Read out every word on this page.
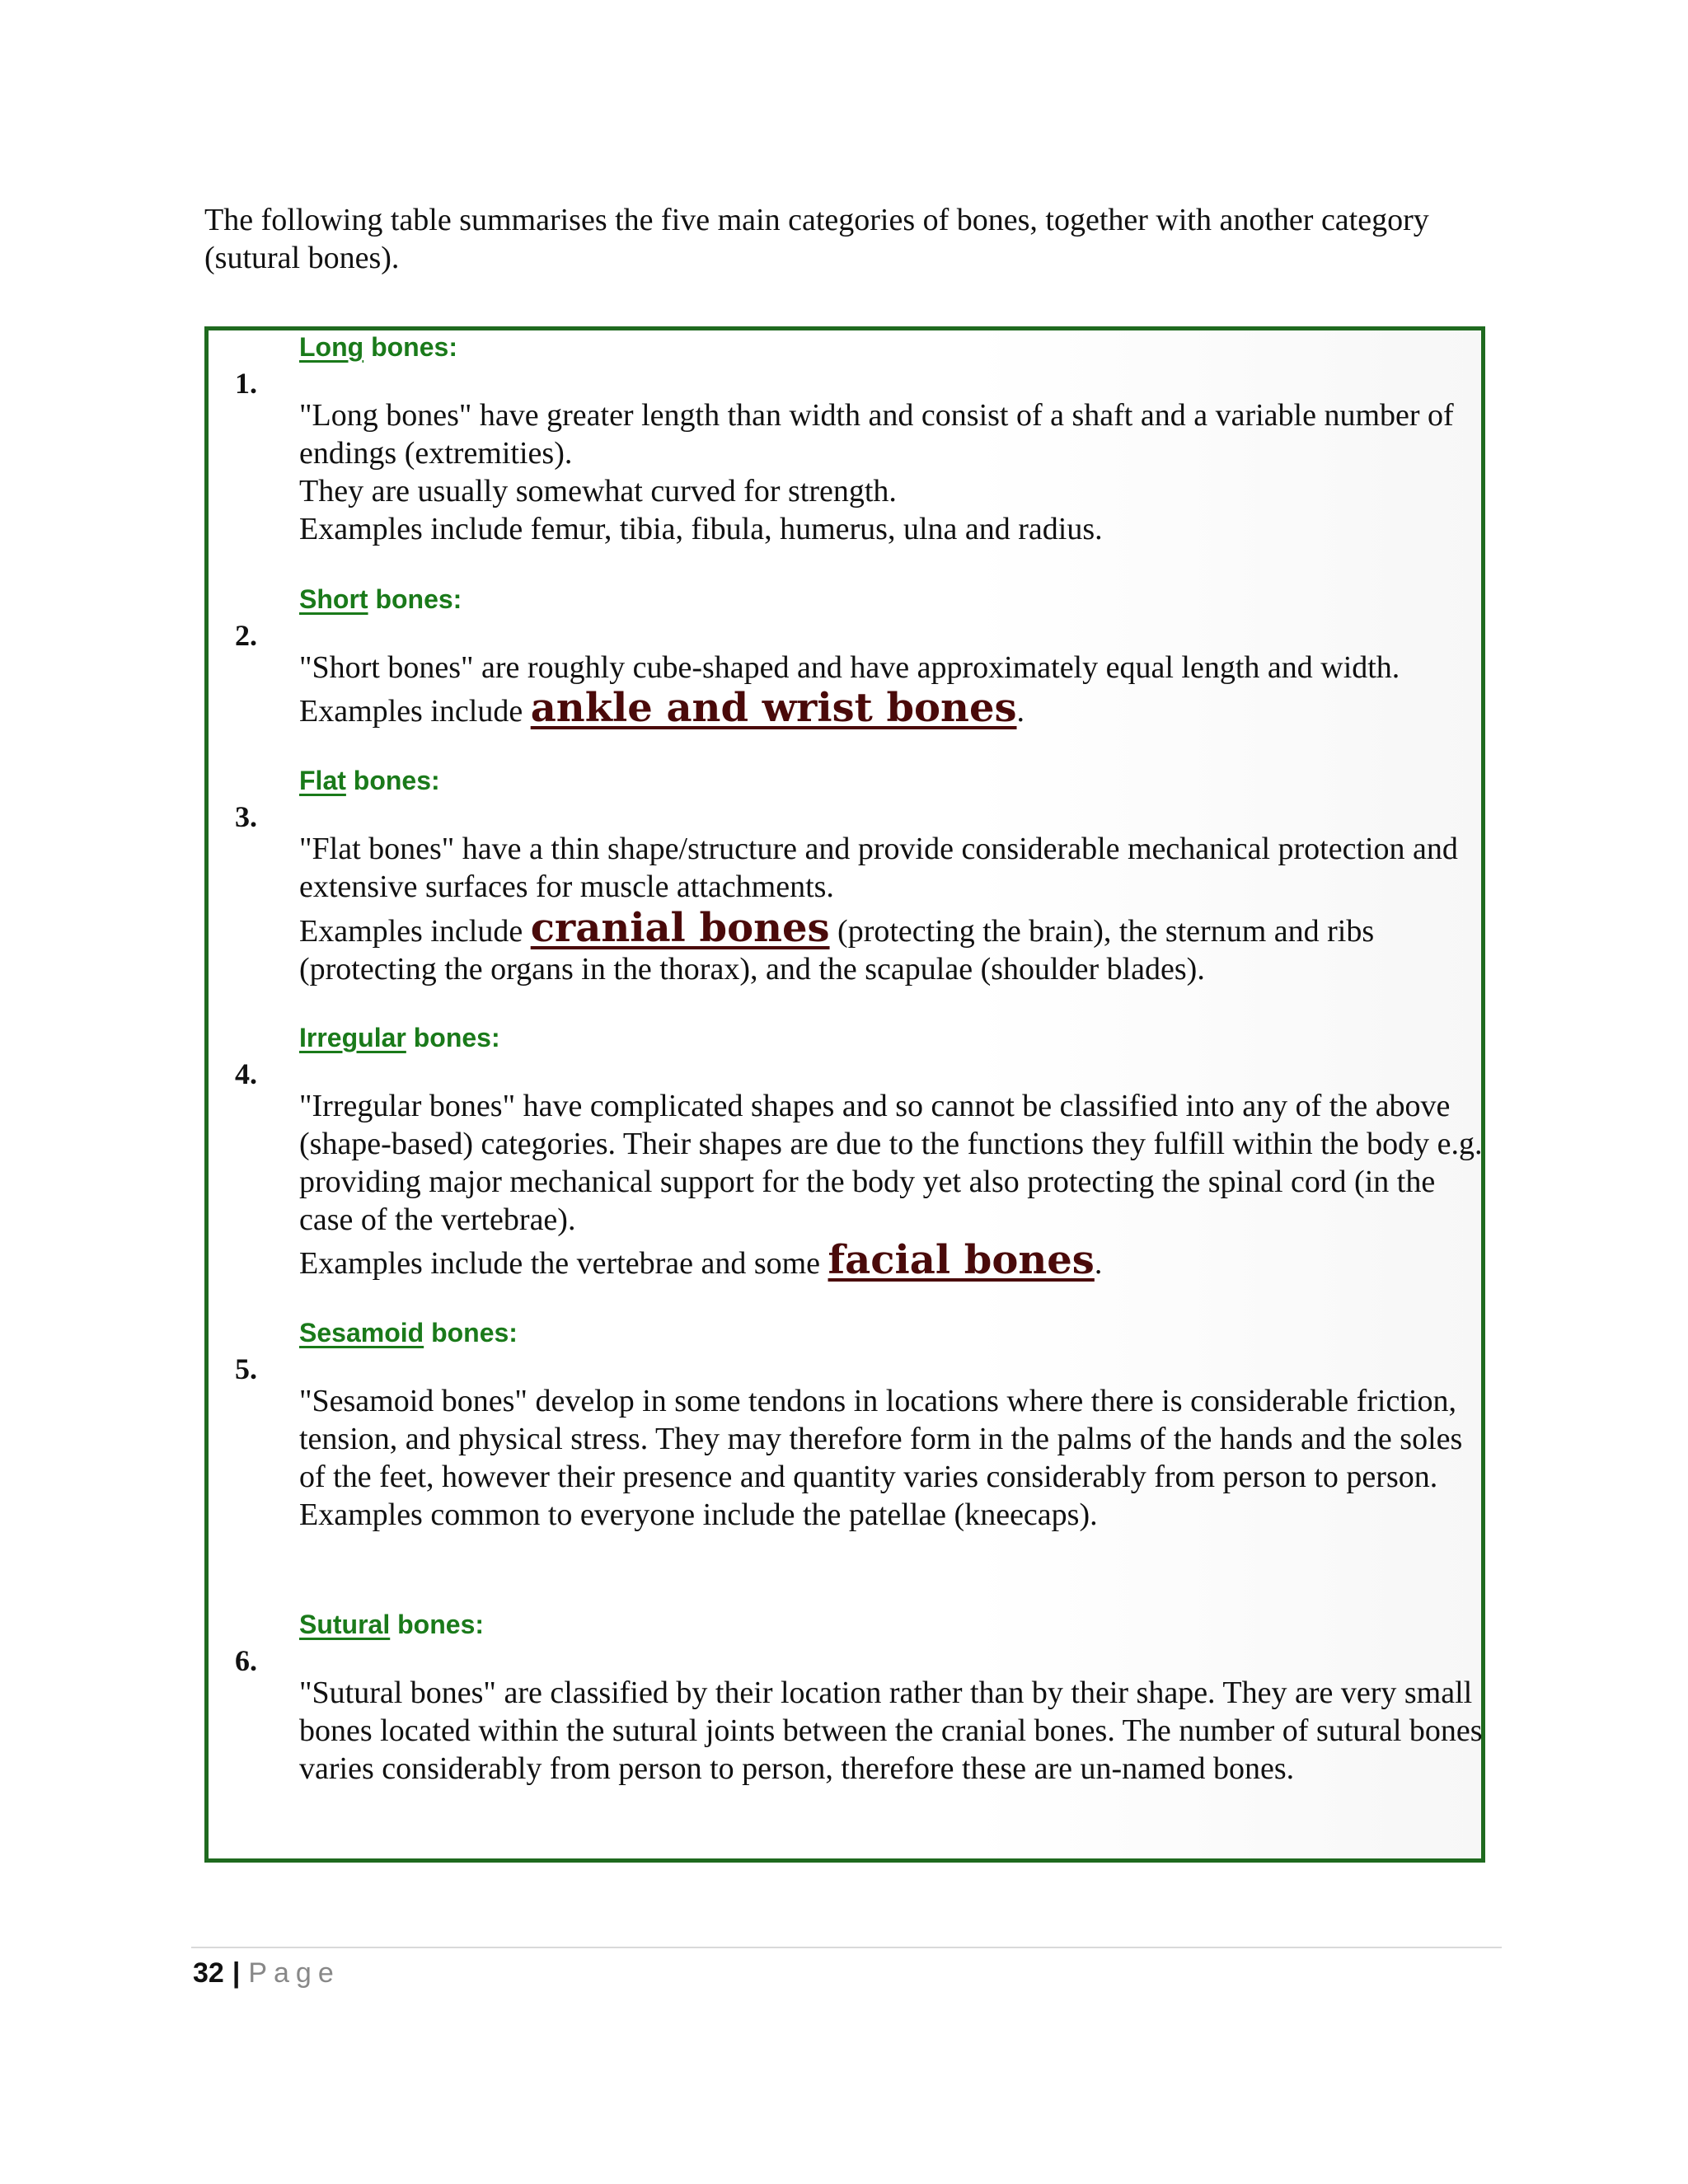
The following table summarises the five main categories of bones, together with another category (sutural bones).

1.
Long bones:

"Long bones" have greater length than width and consist of a shaft and a variable number of endings (extremities).

They are usually somewhat curved for strength.

Examples include femur, tibia, fibula, humerus, ulna and radius.

2.
Short bones:

"Short bones" are roughly cube-shaped and have approximately equal length and width.

Examples include ankle and wrist bones.

3.
Flat bones:

"Flat bones" have a thin shape/structure and provide considerable mechanical protection and extensive surfaces for muscle attachments.

Examples include cranial bones (protecting the brain), the sternum and ribs (protecting the organs in the thorax), and the scapulae (shoulder blades).

4.
Irregular bones:

"Irregular bones" have complicated shapes and so cannot be classified into any of the above (shape-based) categories. Their shapes are due to the functions they fulfill within the body e.g. providing major mechanical support for the body yet also protecting the spinal cord (in the case of the vertebrae).

Examples include the vertebrae and some facial bones.

5.
Sesamoid bones:

"Sesamoid bones" develop in some tendons in locations where there is considerable friction, tension, and physical stress. They may therefore form in the palms of the hands and the soles of the feet, however their presence and quantity varies considerably from person to person.

Examples common to everyone include the patellae (kneecaps).

6.
Sutural bones:

"Sutural bones" are classified by their location rather than by their shape. They are very small bones located within the sutural joints between the cranial bones. The number of sutural bones varies considerably from person to person, therefore these are un-named bones.

32 | Page
